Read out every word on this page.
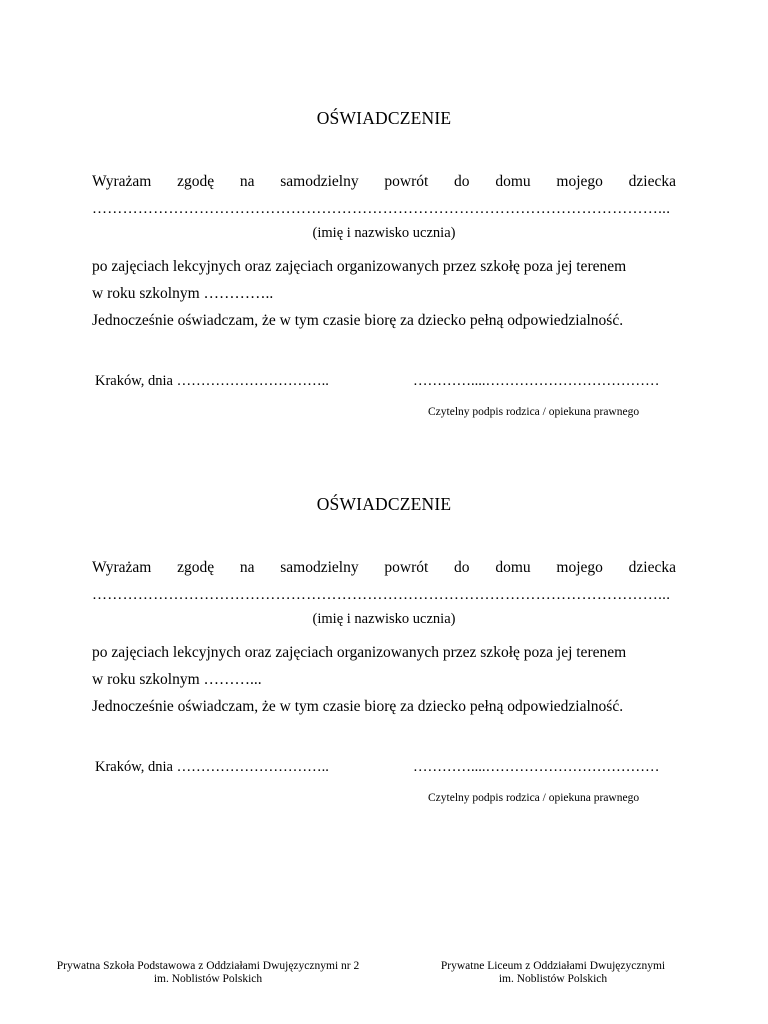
OŚWIADCZENIE
Wyrażam zgodę na samodzielny powrót do domu mojego dziecka
…………………………………………………………………………………………………...
(imię i nazwisko ucznia)
po zajęciach lekcyjnych oraz zajęciach organizowanych przez szkołę poza jej terenem
w roku szkolnym …………..
Jednocześnie oświadczam, że w tym czasie biorę za dziecko pełną odpowiedzialność.
Kraków, dnia …………………………..	…………....………………………………
Czytelny podpis rodzica / opiekuna prawnego
OŚWIADCZENIE
Wyrażam zgodę na samodzielny powrót do domu mojego dziecka
…………………………………………………………………………………………………...
(imię i nazwisko ucznia)
po zajęciach lekcyjnych oraz zajęciach organizowanych przez szkołę poza jej terenem
w roku szkolnym ………...
Jednocześnie oświadczam, że w tym czasie biorę za dziecko pełną odpowiedzialność.
Kraków, dnia …………………………..	…………....………………………………
Czytelny podpis rodzica / opiekuna prawnego
Prywatna Szkoła Podstawowa z Oddziałami Dwujęzycznymi nr 2
im. Noblistów Polskich
Prywatne Liceum z Oddziałami Dwujęzycznymi
im. Noblistów Polskich
